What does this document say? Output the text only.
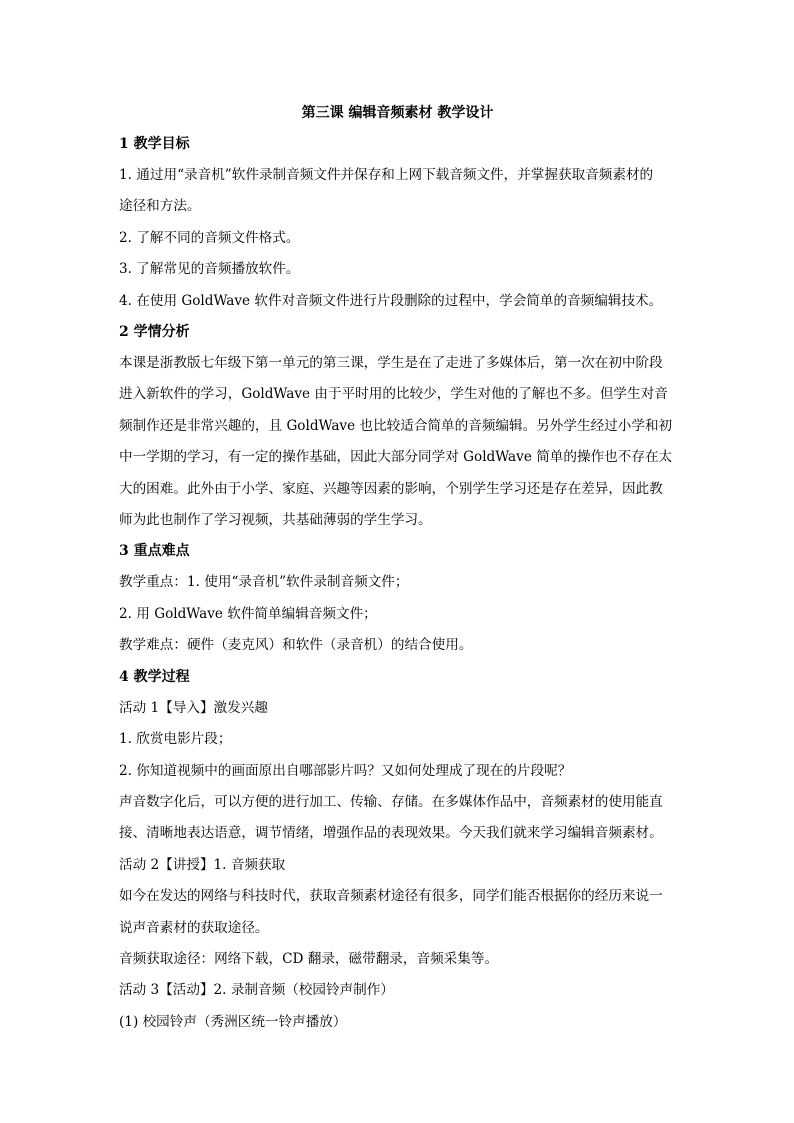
第三课 编辑音频素材 教学设计
1 教学目标
1. 通过用“录音机”软件录制音频文件并保存和上网下载音频文件，并掌握获取音频素材的
途径和方法。
2. 了解不同的音频文件格式。
3. 了解常见的音频播放软件。
4. 在使用 GoldWave 软件对音频文件进行片段删除的过程中，学会简单的音频编辑技术。
2 学情分析
本课是浙教版七年级下第一单元的第三课，学生是在了走进了多媒体后，第一次在初中阶段
进入新软件的学习，GoldWave 由于平时用的比较少，学生对他的了解也不多。但学生对音
频制作还是非常兴趣的，且 GoldWave 也比较适合简单的音频编辑。另外学生经过小学和初
中一学期的学习，有一定的操作基础，因此大部分同学对 GoldWave 简单的操作也不存在太
大的困难。此外由于小学、家庭、兴趣等因素的影响，个别学生学习还是存在差异，因此教
师为此也制作了学习视频，共基础薄弱的学生学习。
3 重点难点
教学重点：1. 使用“录音机”软件录制音频文件；
2. 用 GoldWave 软件简单编辑音频文件；
教学难点：硬件（麦克风）和软件（录音机）的结合使用。
4 教学过程
活动 1【导入】激发兴趣
1. 欣赏电影片段；
2. 你知道视频中的画面原出自哪部影片吗？又如何处理成了现在的片段呢？
声音数字化后，可以方便的进行加工、传输、存储。在多媒体作品中，音频素材的使用能直
接、清晰地表达语意，调节情绪，增强作品的表现效果。今天我们就来学习编辑音频素材。
活动 2【讲授】1. 音频获取
如今在发达的网络与科技时代，获取音频素材途径有很多，同学们能否根据你的经历来说一
说声音素材的获取途径。
音频获取途径：网络下载，CD 翻录，磁带翻录，音频采集等。
活动 3【活动】2. 录制音频（校园铃声制作）
(1) 校园铃声（秀洲区统一铃声播放）
